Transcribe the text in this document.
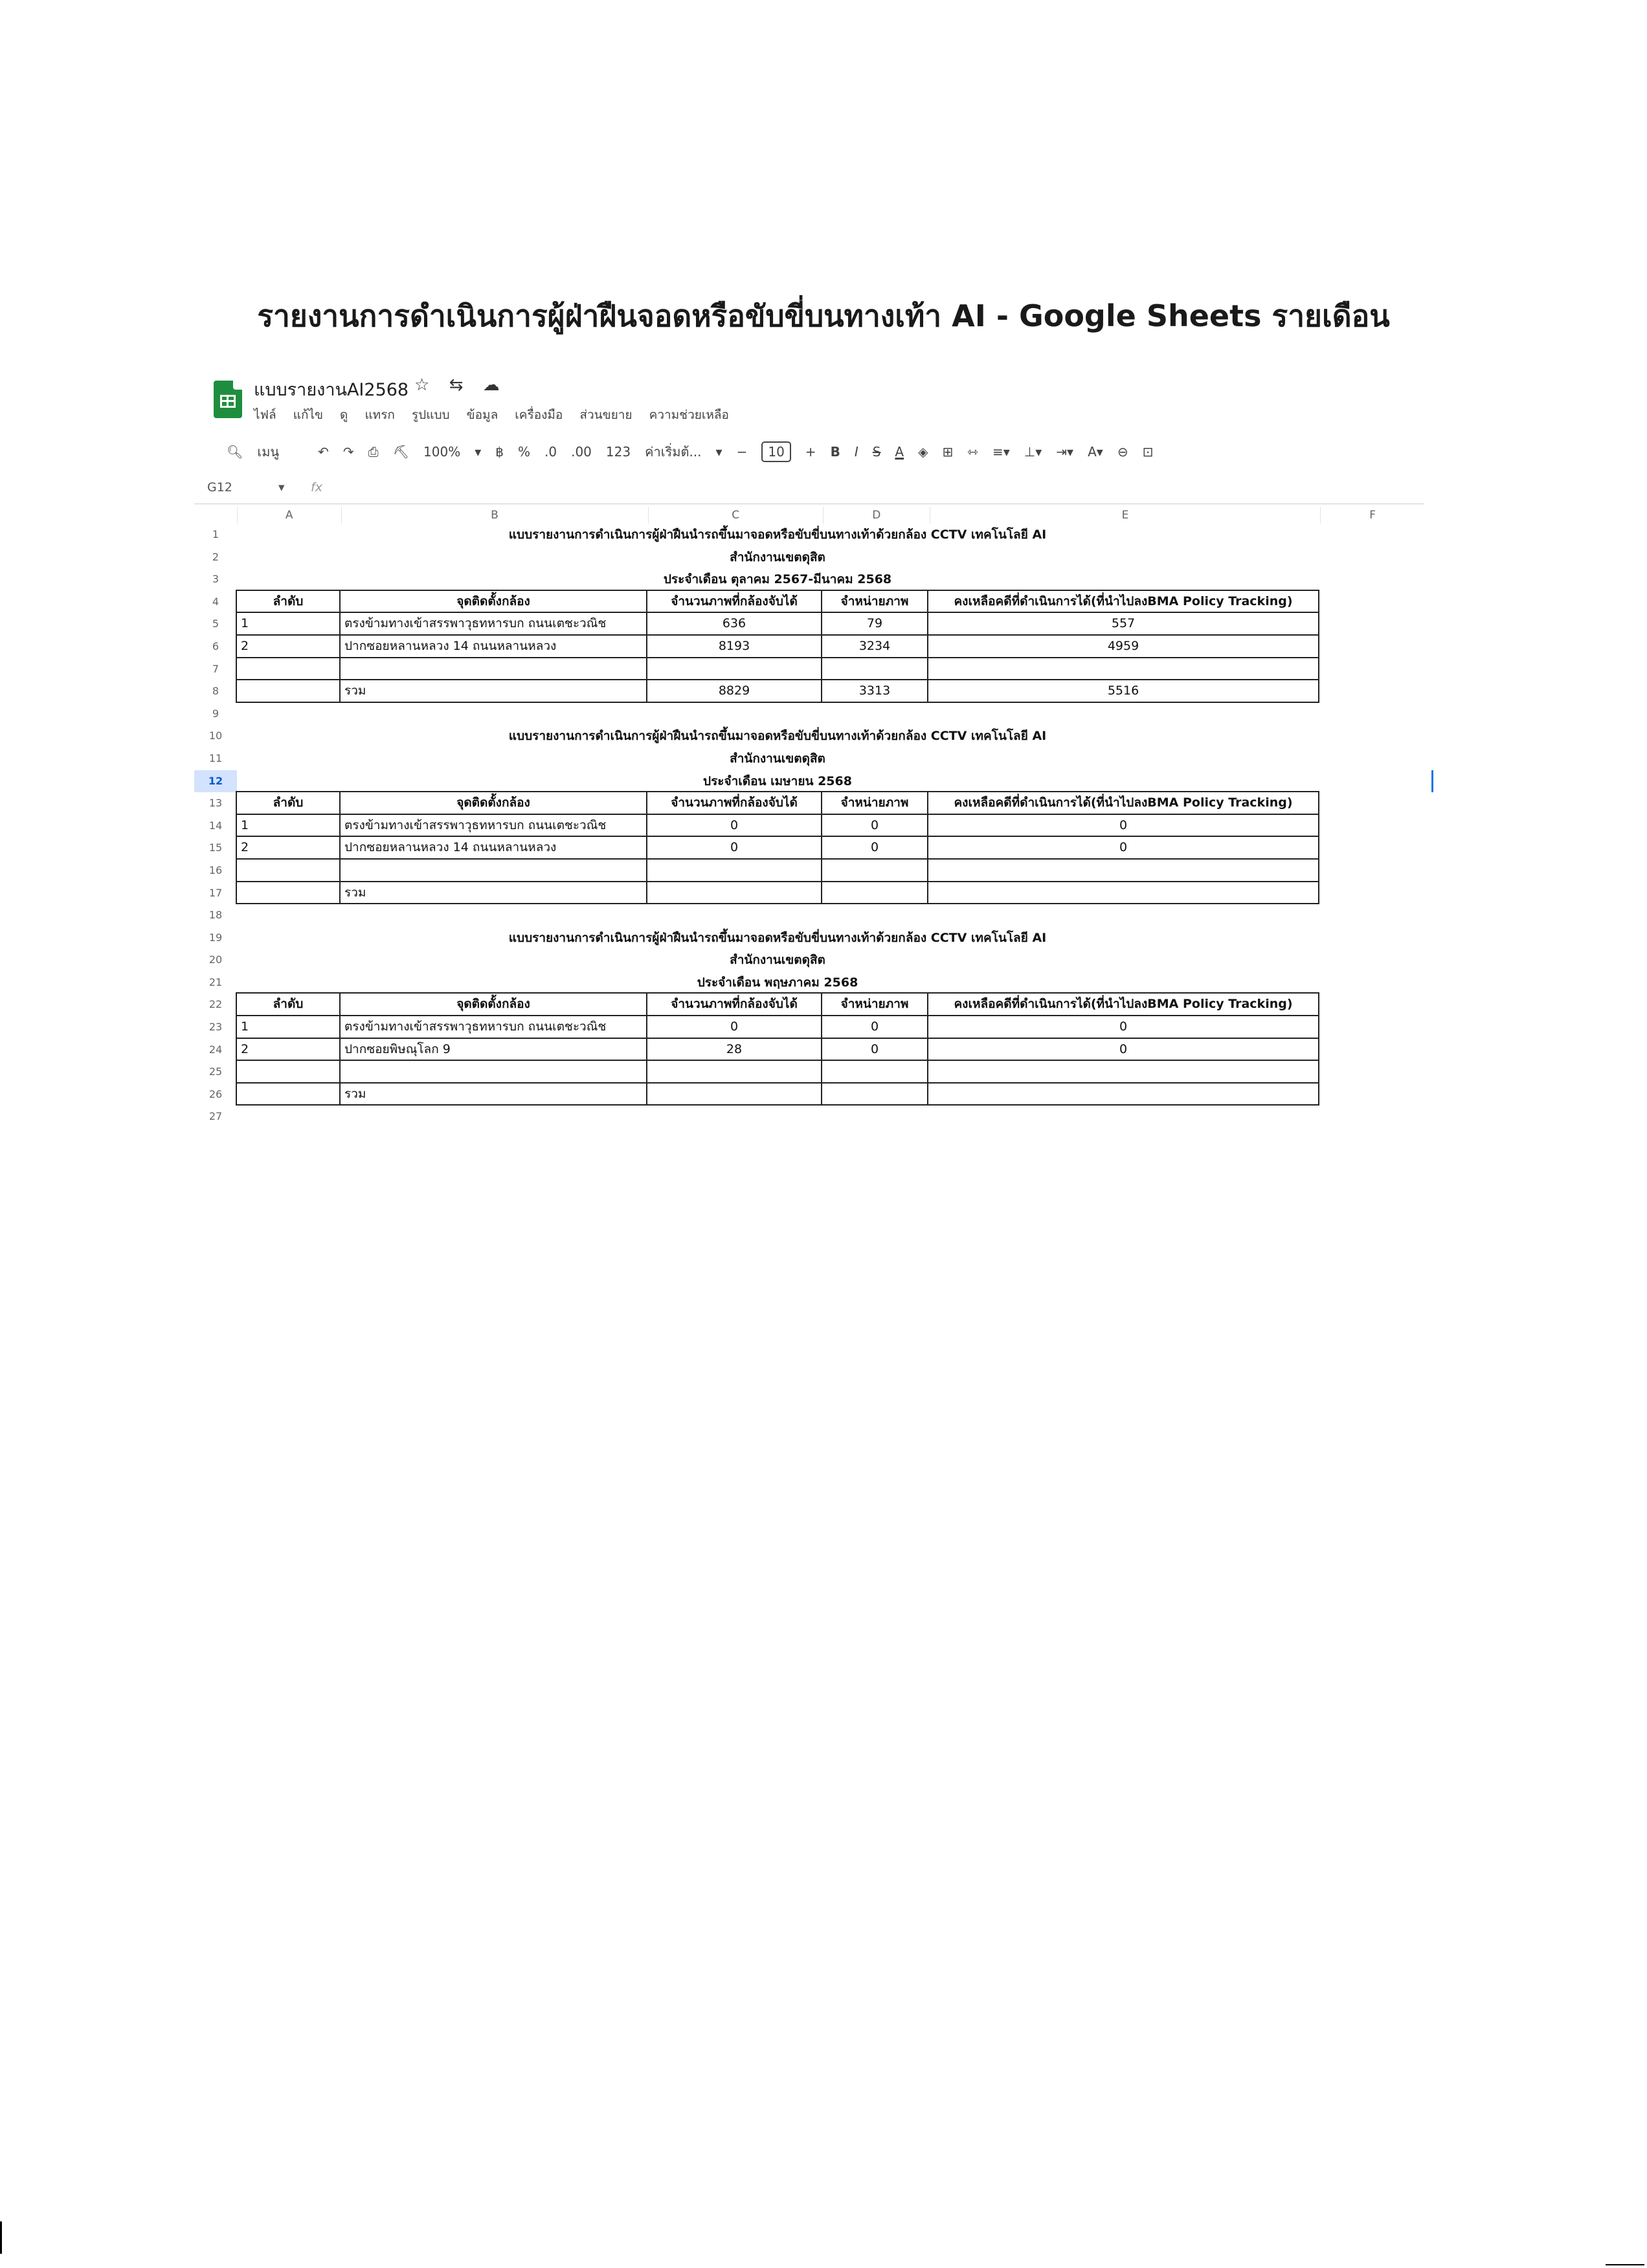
รายงานการดำเนินการผู้ฝ่าฝืนจอดหรือขับขี่บนทางเท้า AI - Google Sheets รายเดือน
แบบรายงานAI2568 ☆ ⇆ ☁
ไฟล์ แก้ไข ดู แทรก รูปแบบ ข้อมูล เครื่องมือ ส่วนขยาย ความช่วยเหลือ
🔍︎ เมนู	↶ ↷ ⎙ ⛏ 100% ▾ ฿ % .0 .00 123 ค่าเริ่มต้... ▾ −	10	+ B I S A ◈ ⊞ ⇿ ≡▾ ⊥▾ ⇥▾ A▾ ⊖ ⊡
G12	▾ fx
A	B	C	D	E	F
1	แบบรายงานการดำเนินการผู้ฝ่าฝืนนำรถขึ้นมาจอดหรือขับขี่บนทางเท้าด้วยกล้อง CCTV เทคโนโลยี AI
2	สำนักงานเขตดุสิต
3	ประจำเดือน ตุลาคม 2567-มีนาคม 2568
4	ลำดับ	จุดติดตั้งกล้อง	จำนวนภาพที่กล้องจับได้	จำหน่ายภาพ	คงเหลือคดีที่ดำเนินการได้(ที่นำไปลงBMA Policy Tracking)
5	1	ตรงข้ามทางเข้าสรรพาวุธทหารบก ถนนเตชะวณิช	636	79	557
6	2	ปากซอยหลานหลวง 14 ถนนหลานหลวง	8193	3234	4959
7
8	รวม	8829	3313	5516
9
10	แบบรายงานการดำเนินการผู้ฝ่าฝืนนำรถขึ้นมาจอดหรือขับขี่บนทางเท้าด้วยกล้อง CCTV เทคโนโลยี AI
11	สำนักงานเขตดุสิต
12	ประจำเดือน เมษายน 2568
13	ลำดับ	จุดติดตั้งกล้อง	จำนวนภาพที่กล้องจับได้	จำหน่ายภาพ	คงเหลือคดีที่ดำเนินการได้(ที่นำไปลงBMA Policy Tracking)
14	1	ตรงข้ามทางเข้าสรรพาวุธทหารบก ถนนเตชะวณิช	0	0	0
15	2	ปากซอยหลานหลวง 14 ถนนหลานหลวง	0	0	0
16
17	รวม
18
19	แบบรายงานการดำเนินการผู้ฝ่าฝืนนำรถขึ้นมาจอดหรือขับขี่บนทางเท้าด้วยกล้อง CCTV เทคโนโลยี AI
20	สำนักงานเขตดุสิต
21	ประจำเดือน พฤษภาคม 2568
22	ลำดับ	จุดติดตั้งกล้อง	จำนวนภาพที่กล้องจับได้	จำหน่ายภาพ	คงเหลือคดีที่ดำเนินการได้(ที่นำไปลงBMA Policy Tracking)
23	1	ตรงข้ามทางเข้าสรรพาวุธทหารบก ถนนเตชะวณิช	0	0	0
24	2	ปากซอยพิษณุโลก 9	28	0	0
25
26	รวม
27
